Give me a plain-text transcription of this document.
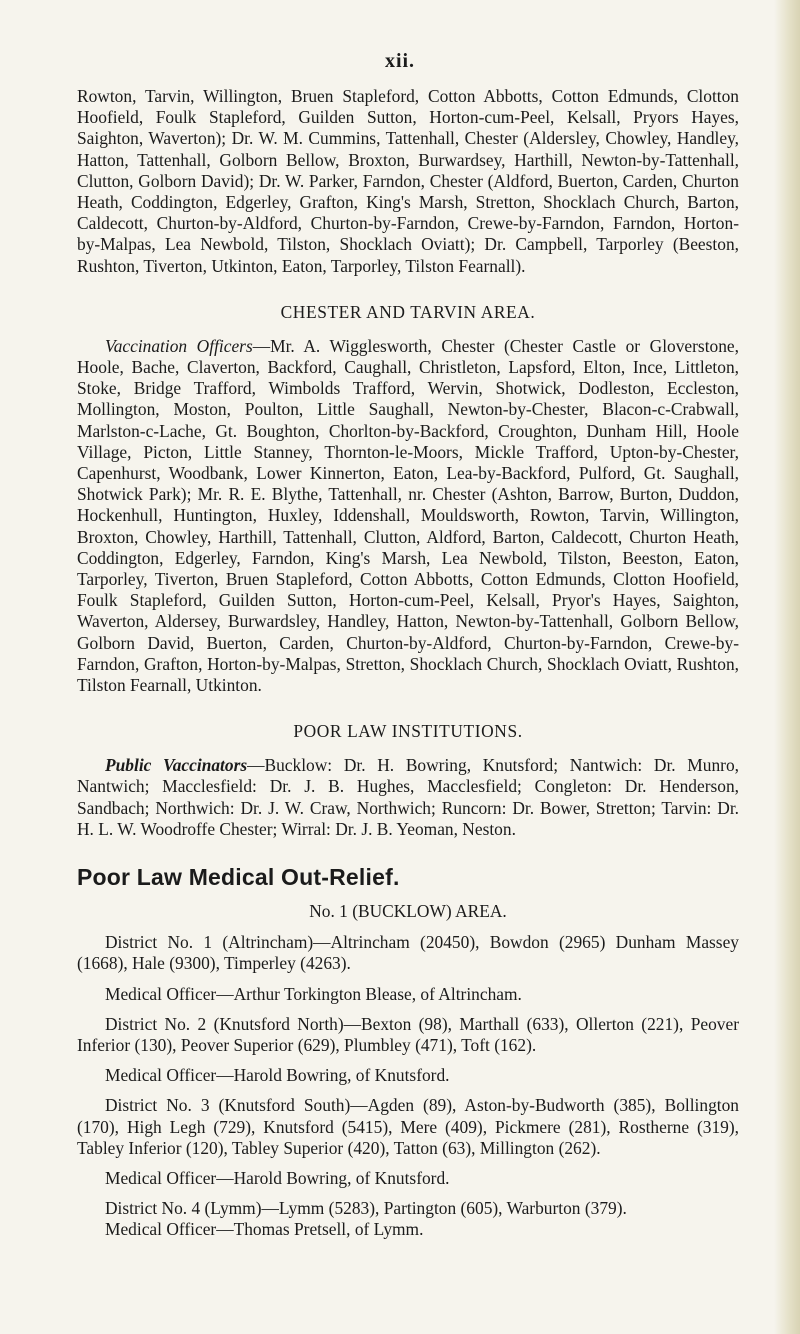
xii.

Rowton, Tarvin, Willington, Bruen Stapleford, Cotton Abbotts, Cotton Edmunds, Clotton Hoofield, Foulk Stapleford, Guilden Sutton, Horton-cum-Peel, Kelsall, Pryors Hayes, Saighton, Waverton); Dr. W. M. Cummins, Tattenhall, Chester (Aldersley, Chowley, Handley, Hatton, Tattenhall, Golborn Bellow, Broxton, Burwardsey, Harthill, Newton-by-Tattenhall, Clutton, Golborn David); Dr. W. Parker, Farndon, Chester (Aldford, Buerton, Carden, Churton Heath, Coddington, Edgerley, Grafton, King's Marsh, Stretton, Shocklach Church, Barton, Caldecott, Churton-by-Aldford, Churton-by-Farndon, Crewe-by-Farndon, Farndon, Horton-by-Malpas, Lea Newbold, Tilston, Shocklach Oviatt); Dr. Campbell, Tarporley (Beeston, Rushton, Tiverton, Utkinton, Eaton, Tarporley, Tilston Fearnall).

CHESTER AND TARVIN AREA.

Vaccination Officers—Mr. A. Wigglesworth, Chester (Chester Castle or Gloverstone, Hoole, Bache, Claverton, Backford, Caughall, Christleton, Lapsford, Elton, Ince, Littleton, Stoke, Bridge Trafford, Wimbolds Trafford, Wervin, Shotwick, Dodleston, Eccleston, Mollington, Moston, Poulton, Little Saughall, Newton-by-Chester, Blacon-c-Crabwall, Marlston-c-Lache, Gt. Boughton, Chorlton-by-Backford, Croughton, Dunham Hill, Hoole Village, Picton, Little Stanney, Thornton-le-Moors, Mickle Trafford, Upton-by-Chester, Capenhurst, Woodbank, Lower Kinnerton, Eaton, Lea-by-Backford, Pulford, Gt. Saughall, Shotwick Park); Mr. R. E. Blythe, Tattenhall, nr. Chester (Ashton, Barrow, Burton, Duddon, Hockenhull, Huntington, Huxley, Iddenshall, Mouldsworth, Rowton, Tarvin, Willington, Broxton, Chowley, Harthill, Tattenhall, Clutton, Aldford, Barton, Caldecott, Churton Heath, Coddington, Edgerley, Farndon, King's Marsh, Lea Newbold, Tilston, Beeston, Eaton, Tarporley, Tiverton, Bruen Stapleford, Cotton Abbotts, Cotton Edmunds, Clotton Hoofield, Foulk Stapleford, Guilden Sutton, Horton-cum-Peel, Kelsall, Pryor's Hayes, Saighton, Waverton, Aldersey, Burwardsley, Handley, Hatton, Newton-by-Tattenhall, Golborn Bellow, Golborn David, Buerton, Carden, Churton-by-Aldford, Churton-by-Farndon, Crewe-by-Farndon, Grafton, Horton-by-Malpas, Stretton, Shocklach Church, Shocklach Oviatt, Rushton, Tilston Fearnall, Utkinton.

POOR LAW INSTITUTIONS.

Public Vaccinators—Bucklow: Dr. H. Bowring, Knutsford; Nantwich: Dr. Munro, Nantwich; Macclesfield: Dr. J. B. Hughes, Macclesfield; Congleton: Dr. Henderson, Sandbach; Northwich: Dr. J. W. Craw, Northwich; Runcorn: Dr. Bower, Stretton; Tarvin: Dr. H. L. W. Woodroffe Chester; Wirral: Dr. J. B. Yeoman, Neston.

Poor Law Medical Out-Relief.
No. 1 (BUCKLOW) AREA.

District No. 1 (Altrincham)—Altrincham (20450), Bowdon (2965) Dunham Massey (1668), Hale (9300), Timperley (4263).

Medical Officer—Arthur Torkington Blease, of Altrincham.

District No. 2 (Knutsford North)—Bexton (98), Marthall (633), Ollerton (221), Peover Inferior (130), Peover Superior (629), Plumbley (471), Toft (162).

Medical Officer—Harold Bowring, of Knutsford.

District No. 3 (Knutsford South)—Agden (89), Aston-by-Budworth (385), Bollington (170), High Legh (729), Knutsford (5415), Mere (409), Pickmere (281), Rostherne (319), Tabley Inferior (120), Tabley Superior (420), Tatton (63), Millington (262).

Medical Officer—Harold Bowring, of Knutsford.

District No. 4 (Lymm)—Lymm (5283), Partington (605), Warburton (379).

Medical Officer—Thomas Pretsell, of Lymm.
